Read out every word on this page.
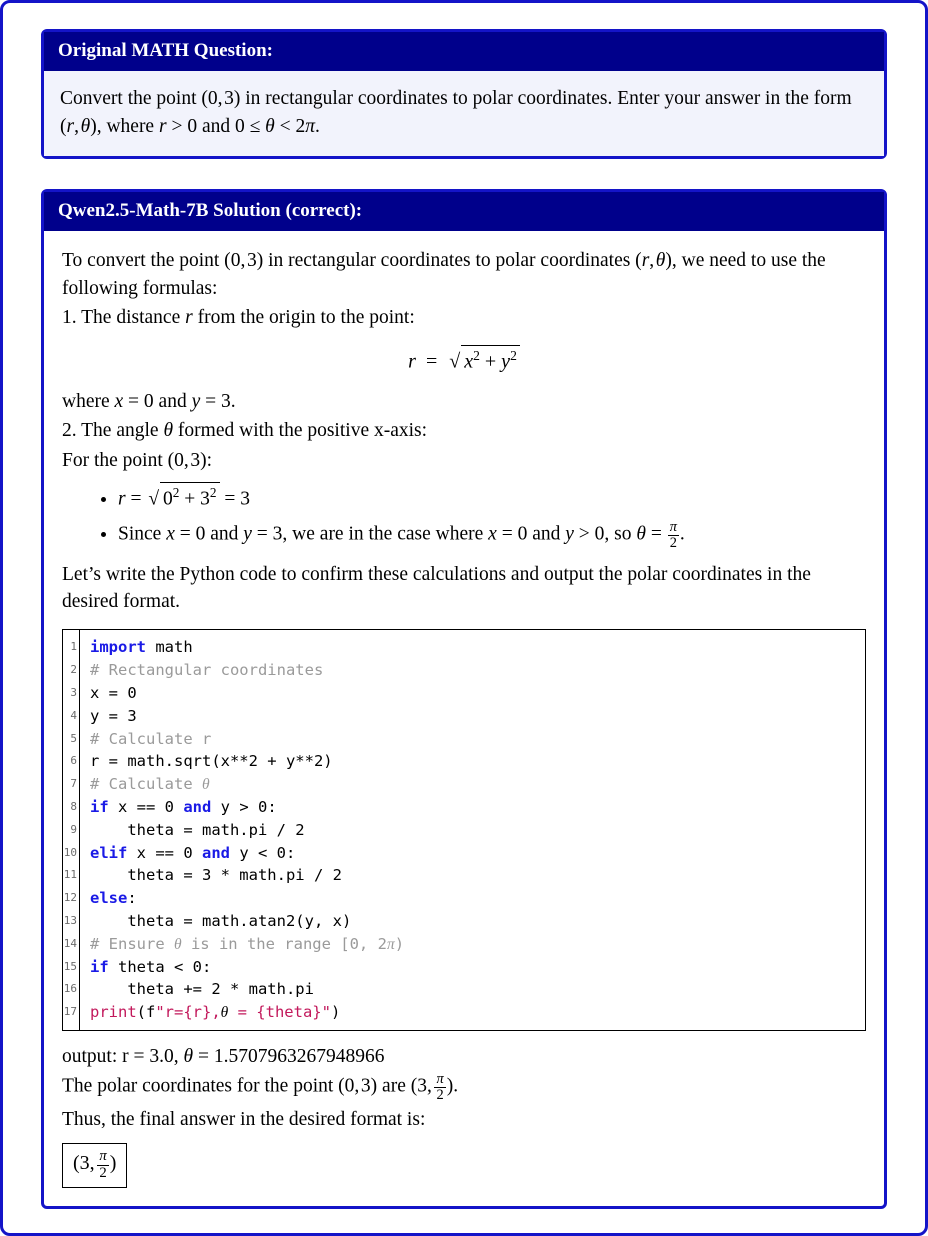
Original MATH Question:
Convert the point (0, 3) in rectangular coordinates to polar coordinates. Enter your answer in the form (r, θ), where r > 0 and 0 ≤ θ < 2π.
Qwen2.5-Math-7B Solution (correct):

To convert the point (0, 3) in rectangular coordinates to polar coordinates (r, θ), we need to use the following formulas:

1. The distance r from the origin to the point:

r  =  √ $x^2 + y^2$

where x = 0 and y = 3.

2. The angle θ formed with the positive x-axis:

For the point (0, 3):

• r = √ $0^2 + 3^2 = 3$
• Since x = 0 and y = 3, we are in the case where x = 0 and y > 0, so $\theta = \frac{\pi}{2}$ .

Let’s write the Python code to confirm these calculations and output the polar coordinates in the desired format.

1
2
3
4
5
6
7
8
9
10
11
12
13
14
15
16
17
import math
# Rectangular coordinates
x = 0
y = 3
# Calculate r
r = math.sqrt(x**2 + y**2)
# Calculate θ
if x == 0 and y > 0:
theta = math.pi / 2
elif x == 0 and y < 0:
theta = 3 * math.pi / 2
else:
theta = math.atan2(y, x)
# Ensure θ is in the range [0, 2π)
if theta < 0:
theta += 2 * math.pi
print(f"r={r},θ = {theta}")

output: r = 3.0, θ = 1.5707963267948966

The polar coordinates for the point (0, 3) are (3,  $\frac{\pi}{2}$ ).

Thus, the final answer in the desired format is:

(3,  $\frac{\pi}{2}$ )
